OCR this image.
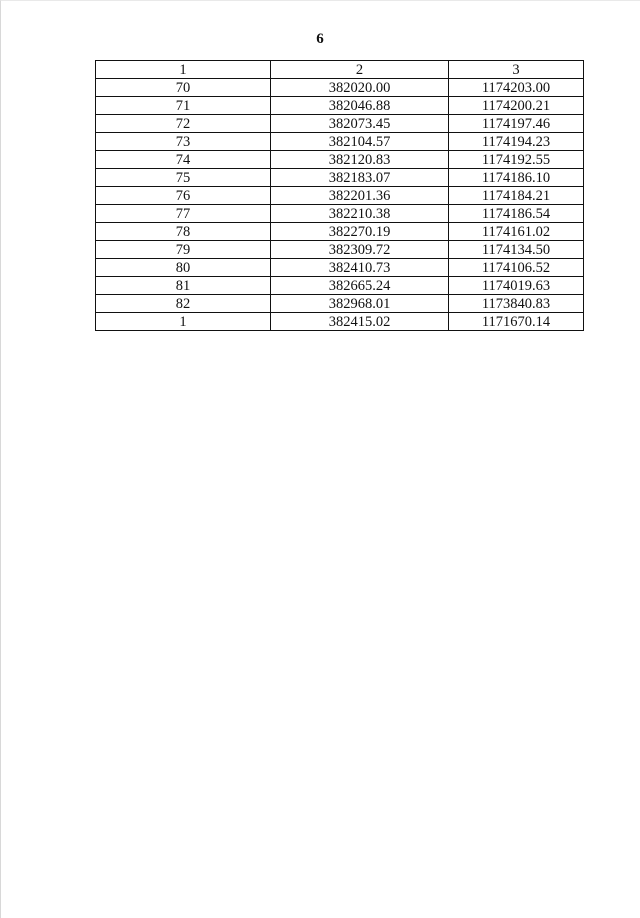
6
1	2	3
70	382020.00	1174203.00
71	382046.88	1174200.21
72	382073.45	1174197.46
73	382104.57	1174194.23
74	382120.83	1174192.55
75	382183.07	1174186.10
76	382201.36	1174184.21
77	382210.38	1174186.54
78	382270.19	1174161.02
79	382309.72	1174134.50
80	382410.73	1174106.52
81	382665.24	1174019.63
82	382968.01	1173840.83
1	382415.02	1171670.14
